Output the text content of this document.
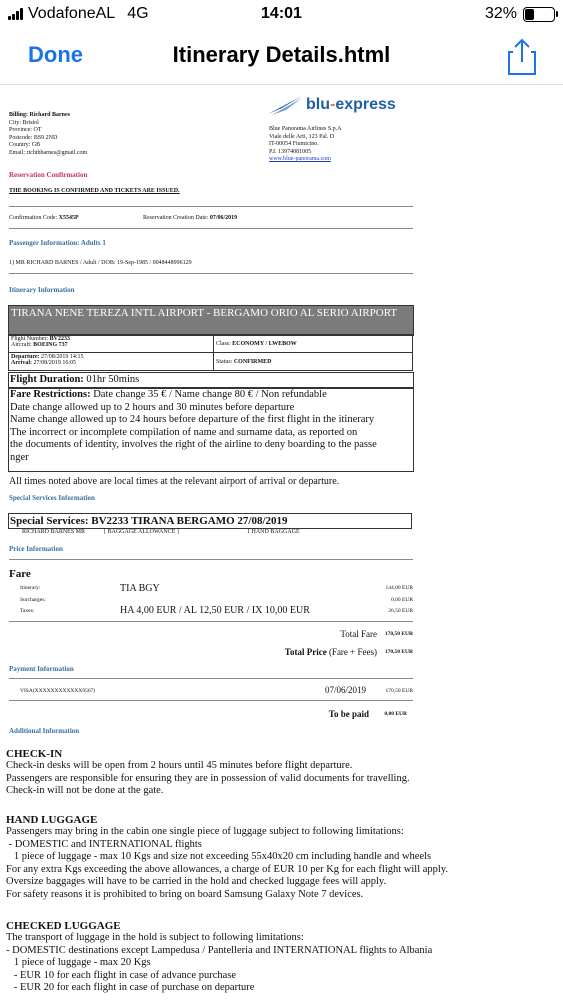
VodafoneAL 4G	14:01	32%
Done	Itinerary Details.html
Billing: Richard Barnes
City: Bristol
Province: OT
Postcode: BS9 2ND
Country: GB
Email: richtbbarnes@gmail.com
blu-express
Blue Panorama Airlines S.p.A
Viale delle Arti, 123 Pal. D
IT-00054 Fiumicino.
P.I. 13974081005
www.blue-panorama.com
Reservation Confirmation
THE BOOKING IS CONFIRMED AND TICKETS ARE ISSUED.
Confirmation Code: X5545P	Reservation Creation Date: 07/06/2019
Passenger Information: Adults 1
1) MR RICHARD BARNES / Adult / DOB: 19-Sep-1985 / 0048448996129
Itinerary Information
TIRANA NENE TEREZA INTL AIRPORT - BERGAMO ORIO AL SERIO AIRPORT
Flight Number: BV2233
Aircraft: BOEING 737	Class: ECONOMY / LWEBOW
Departure: 27/08/2019 14:15
Arrival: 27/08/2019 16:05	Status: CONFIRMED
Flight Duration: 01hr 50mins
Fare Restrictions: Date change 35 € / Name change 80 € / Non refundable
Date change allowed up to 2 hours and 30 minutes before departure
Name change allowed up to 24 hours before departure of the first flight in the itinerary
The incorrect or incomplete compilation of name and surname data, as reported on
the documents of identity, involves the right of the airline to deny boarding to the passe
nger
All times noted above are local times at the relevant airport of arrival or departure.
Special Services Information
Special Services: BV2233 TIRANA BERGAMO 27/08/2019
RICHARD BARNES MR	[ BAGGAGE ALLOWANCE ]	1 HAND BAGGAGE
Price Information
Fare
Itinerary:	TIA BGY	144,00 EUR
Surcharges:	0,00 EUR
Taxes:	HA 4,00 EUR / AL 12,50 EUR / IX 10,00 EUR	26,50 EUR
Total Fare	170,50 EUR
Total Price (Fare + Fees)	170,50 EUR
Payment Information
VISA(XXXXXXXXXXXX9567)	07/06/2019	170,50 EUR
To be paid	0,00 EUR
Additional Information
CHECK-IN
Check-in desks will be open from 2 hours until 45 minutes before flight departure.
Passengers are responsible for ensuring they are in possession of valid documents for travelling.
Check-in will not be done at the gate.
HAND LUGGAGE
Passengers may bring in the cabin one single piece of luggage subject to following limitations:
- DOMESTIC and INTERNATIONAL flights
1 piece of luggage - max 10 Kgs and size not exceeding 55x40x20 cm including handle and wheels
For any extra Kgs exceeding the above allowances, a charge of EUR 10 per Kg for each flight will apply.
Oversize baggages will have to be carried in the hold and checked luggage fees will apply.
For safety reasons it is prohibited to bring on board Samsung Galaxy Note 7 devices.
CHECKED LUGGAGE
The transport of luggage in the hold is subject to following limitations:
- DOMESTIC destinations except Lampedusa / Pantelleria and INTERNATIONAL flights to Albania
1 piece of luggage - max 20 Kgs
- EUR 10 for each flight in case of advance purchase
- EUR 20 for each flight in case of purchase on departure
